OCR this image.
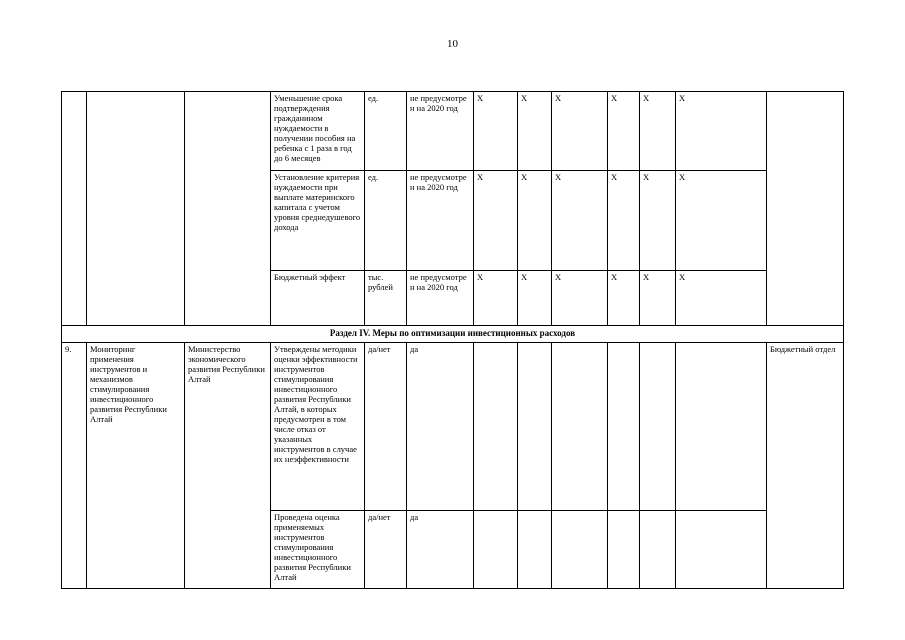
10
			Уменьшение срока подтверждения гражданином нуждаемости в получении пособия на ребенка с 1 раза в год до 6 месяцев	ед.	не предусмотре н на 2020 год	X	X	X	X	X	X	
			Установление критерия нуждаемости при выплате материнского капитала с учетом уровня среднедушевого дохода	ед.	не предусмотре н на 2020 год	X	X	X	X	X	X	
			Бюджетный эффект	тыс. рублей	не предусмотре н на 2020 год	X	X	X	X	X	X	
Раздел IV. Меры по оптимизации инвестиционных расходов												
9.	Мониторинг применения инструментов и механизмов стимулирования инвестиционного развития Республики Алтай	Министерство экономического развития Республики Алтай	Утверждены методики оценки эффективности инструментов стимулирования инвестиционного развития Республики Алтай, в которых предусмотрен в том числе отказ от указанных инструментов в случае их неэффективности	да/нет	да							Бюджетный отдел
			Проведена оценка применяемых инструментов стимулирования инвестиционного развития Республики Алтай	да/нет	да							
